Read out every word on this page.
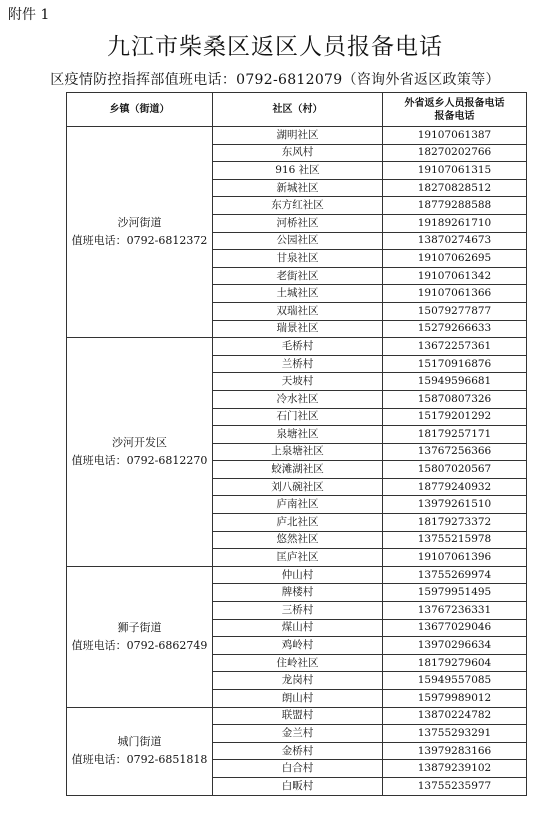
附件 1
九江市柴桑区返区人员报备电话
区疫情防控指挥部值班电话：0792-6812079（咨询外省返区政策等）
乡镇（街道）	社区（村）	外省返乡人员报备电话
报备电话

沙河街道
值班电话：0792-6812372	湖明社区	19107061387
	东风村	18270202766
	916 社区	19107061315
	新城社区	18270828512
	东方红社区	18779288588
	河桥社区	19189261710
	公园社区	13870274673
	甘泉社区	19107062695
	老街社区	19107061342
	土城社区	19107061366
	双瑞社区	15079277877
	瑞景社区	15279266633

沙河开发区
值班电话：0792-6812270	毛桥村	13672257361
	兰桥村	15170916876
	天坡村	15949596681
	冷水社区	15870807326
	石门社区	15179201292
	泉塘社区	18179257171
	上泉塘社区	13767256366
	蛟滩湖社区	15807020567
	刘八碗社区	18779240932
	庐南社区	13979261510
	庐北社区	18179273372
	悠然社区	13755215978
	匡庐社区	19107061396

狮子街道
值班电话：0792-6862749	仲山村	13755269974
	牌楼村	15979951495
	三桥村	13767236331
	煤山村	13677029046
	鸡岭村	13970296634
	住岭社区	18179279604
	龙岗村	15949557085
	朗山村	15979989012

城门街道
值班电话：0792-6851818	联盟村	13870224782
	金兰村	13755293291
	金桥村	13979283166
	白合村	13879239102
	白畈村	13755235977
